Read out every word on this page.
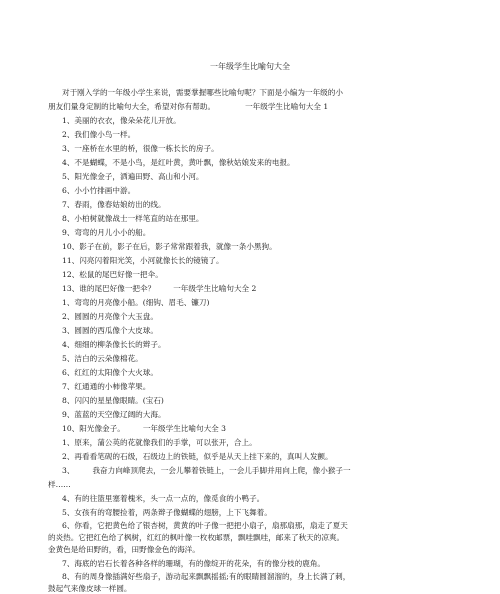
一年级学生比喻句大全
对于刚入学的一年级小学生来说，需要掌握哪些比喻句呢？下面是小编为一年级的小
朋友们量身定制的比喻句大全，希望对你有帮助。	一年级学生比喻句大全 1
1、美丽的衣衣，像朵朵花儿开放。
2、我们像小鸟一样。
3、一座桥在水里的桥，很像一栋长长的房子。
4、不是蝴蝶，不是小鸟，是红叶黄，黄叶飘，像秋姑娘发来的电报。
5、阳光像金子，洒遍田野、高山和小河。
6、小小竹排画中游。
7、春雨，像春姑娘纺出的线。
8、小柏树就像战士一样笔直的站在那里。
9、弯弯的月儿小小的船。
10、影子在前，影子在后，影子常常跟着我，就像一条小黑狗。
11、闪亮闪着阳光笑，小河就像长长的镜镜了。
12、松鼠的尾巴好像一把伞。
13、谁的尾巴好像一把伞？ 一年级学生比喻句大全 2
1、弯弯的月亮像小船。(细钩、眉毛、镰刀)
2、圆圆的月亮像个大玉盘。
3、圆圆的西瓜像个大皮球。
4、细细的柳条像长长的辫子。
5、洁白的云朵像棉花。
6、红红的太阳像个大火球。
7、红通通的小柿像苹果。
8、闪闪的星星像眼睛。(宝石)
9、蓝蓝的天空像辽阔的大海。
10、阳光像金子。 一年级学生比喻句大全 3
1、原来，蒲公英的花就像我们的手掌，可以张开，合上。
2、再看看笔砚的石级，石级边上的铁链，似乎是从天上挂下来的，真叫人发颤。
3、 我奋力向峰顶爬去，一会儿攀着铁链上，一会儿手脚并用向上爬，像小猴子一
样……
4、有的往篮里塞着槐米，头一点一点的，像觅食的小鸭子。
5、女孩有的弯腰捡着，两条辫子像蝴蝶的翅膀，上下飞舞着。
6、你看，它把黄色给了银杏树，黄黄的叶子像一把把小扇子，扇那扇那，扇走了夏天
的炎热。它把红色给了枫树，红红的枫叶像一枚枚邮票，飘哇飘哇，邮来了秋天的凉爽。
金黄色是给田野的，看，田野像金色的海洋。
7、海底的岩石长着各种各样的珊瑚，有的像绽开的花朵，有的像分枝的鹿角。
8、有的周身像插满好些扇子，游动起来飘飘摇摇;有的眼睛圆溜溜的，身上长满了刺，
鼓起气来像皮球一样圆。
